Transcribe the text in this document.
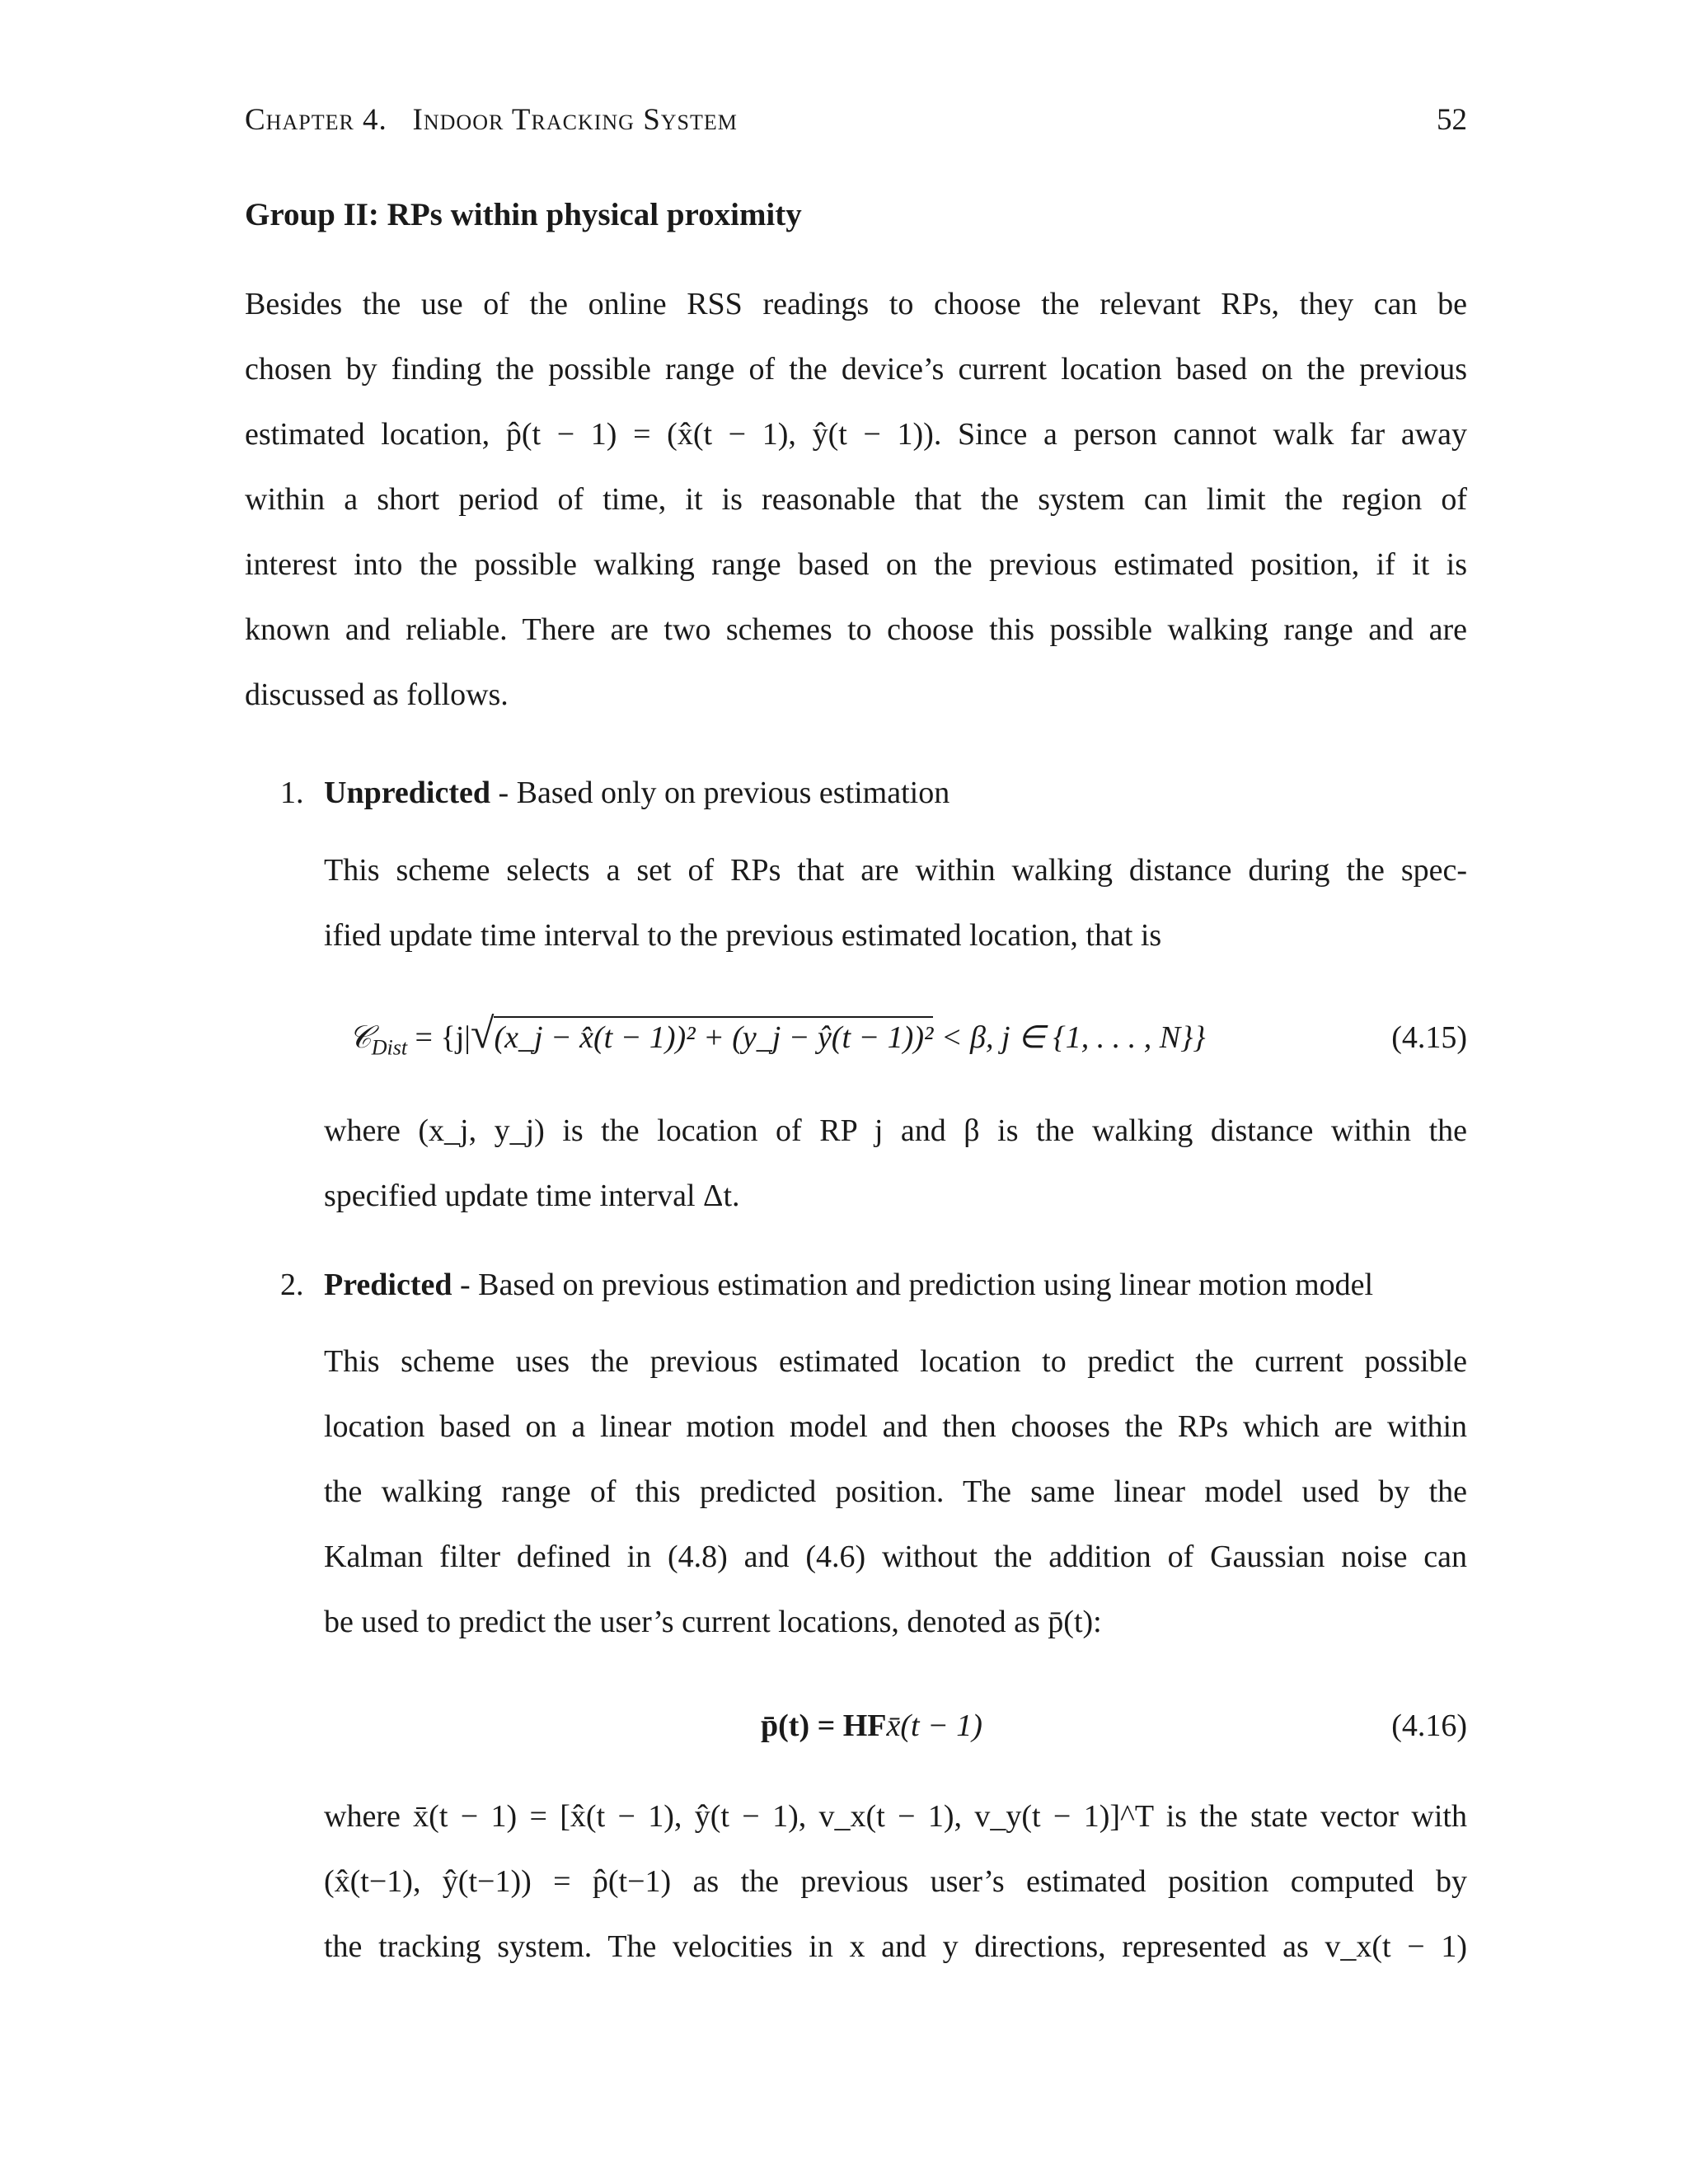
Chapter 4. Indoor Tracking System	52
Group II: RPs within physical proximity
Besides the use of the online RSS readings to choose the relevant RPs, they can be
chosen by finding the possible range of the device’s current location based on the previous
estimated location, p̂(t − 1) = (x̂(t − 1), ŷ(t − 1)). Since a person cannot walk far away
within a short period of time, it is reasonable that the system can limit the region of
interest into the possible walking range based on the previous estimated position, if it is
known and reliable. There are two schemes to choose this possible walking range and are
discussed as follows.
1. Unpredicted - Based only on previous estimation
This scheme selects a set of RPs that are within walking distance during the spec-
ified update time interval to the previous estimated location, that is
𝒞$_{Dist}$ = {j|√(x_j − x̂(t − 1))² + (y_j − ŷ(t − 1))² < β, j ∈ {1, . . . , N}}	(4.15)
where (x_j, y_j) is the location of RP j and β is the walking distance within the
specified update time interval Δt.
2. Predicted - Based on previous estimation and prediction using linear motion model
This scheme uses the previous estimated location to predict the current possible
location based on a linear motion model and then chooses the RPs which are within
the walking range of this predicted position. The same linear model used by the
Kalman filter defined in (4.8) and (4.6) without the addition of Gaussian noise can
be used to predict the user’s current locations, denoted as p̄(t):
p̄(t) = HFx̄(t − 1)	(4.16)
where x̄(t − 1) = [x̂(t − 1), ŷ(t − 1), v_x(t − 1), v_y(t − 1)]^T is the state vector with
(x̂(t−1), ŷ(t−1)) = p̂(t−1) as the previous user’s estimated position computed by
the tracking system. The velocities in x and y directions, represented as v_x(t − 1)
